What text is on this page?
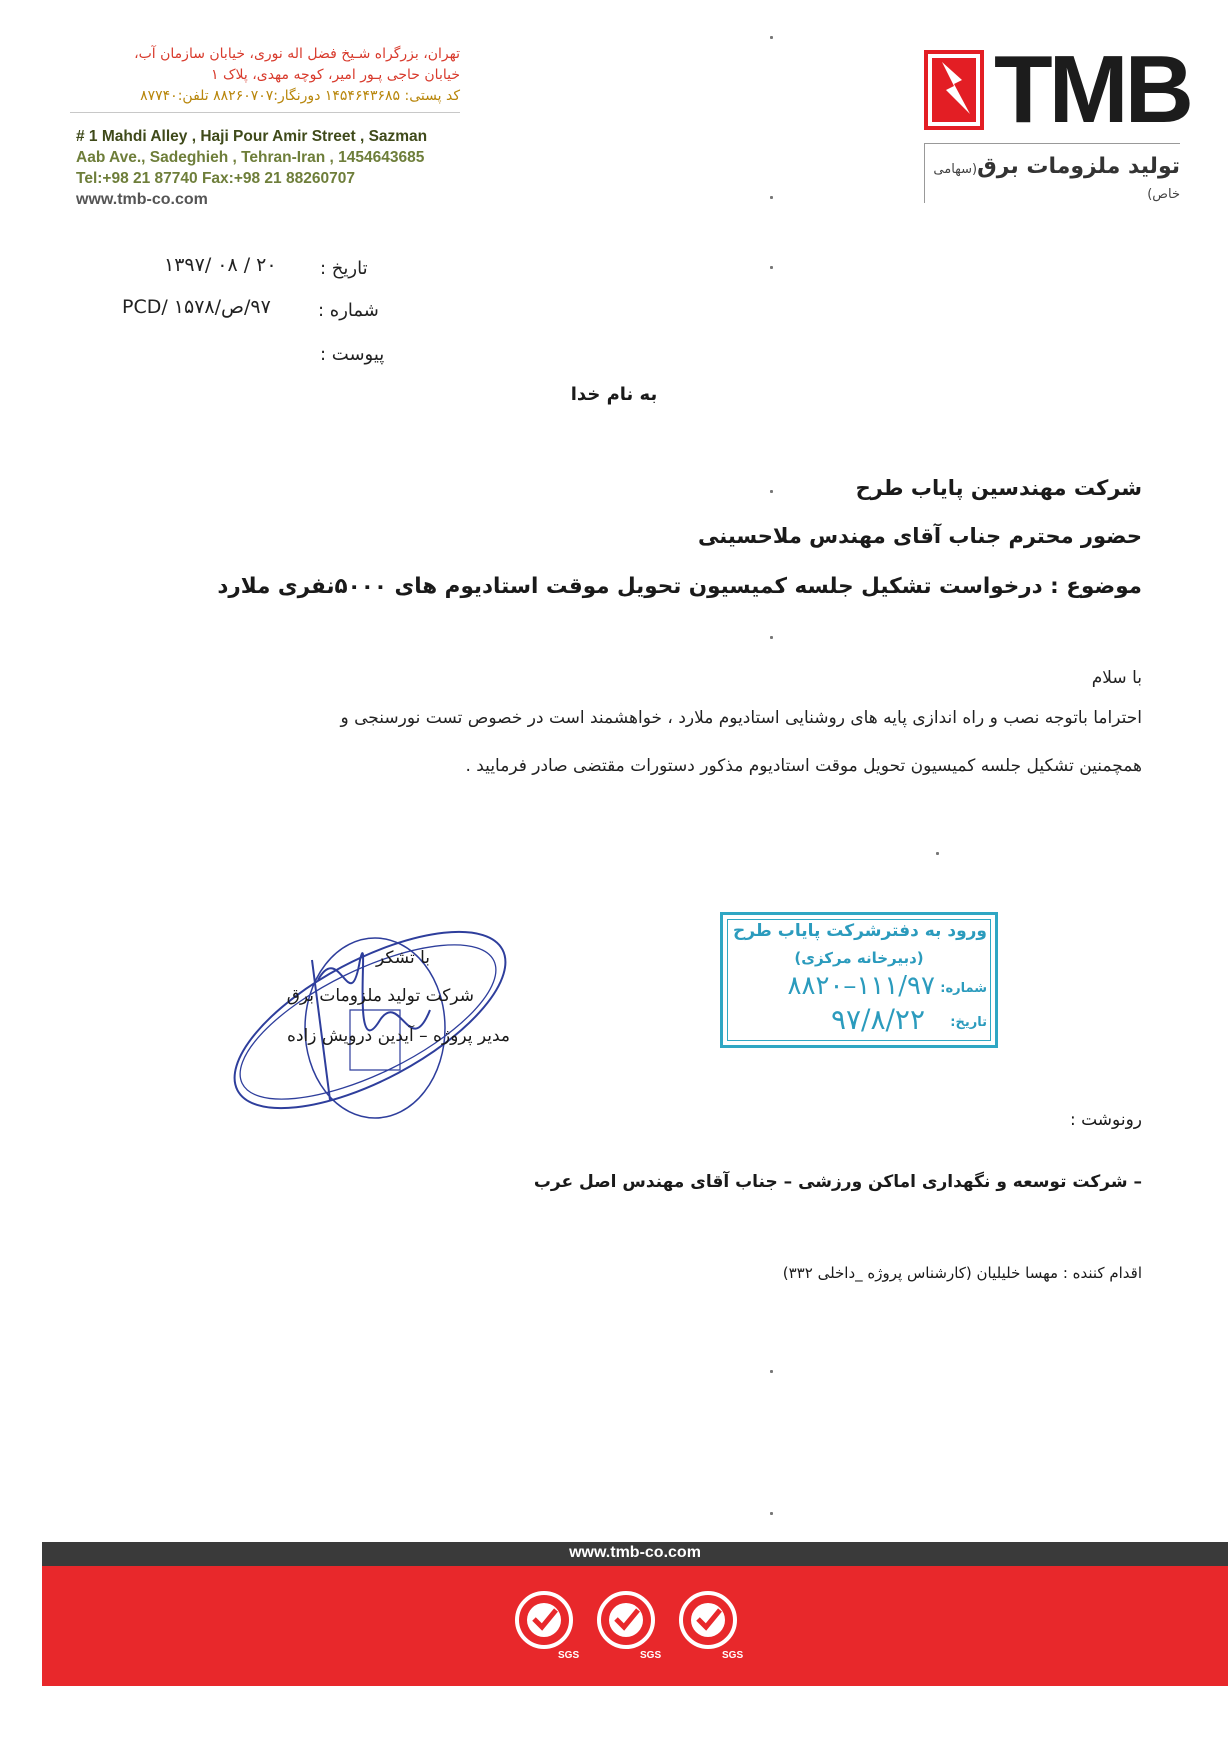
تهران، بزرگراه شـیخ فضل اله نوری، خیابان سازمان آب،
خیابان حاجی پـور امیر، کوچه مهدی، پلاک ۱
کد پستی: ۱۴۵۴۶۴۳۶۸۵ دورنگار:۸۸۲۶۰۷۰۷ تلفن:۸۷۷۴۰
# 1 Mahdi Alley , Haji Pour Amir Street , Sazman
Aab Ave., Sadeghieh , Tehran-Iran , 1454643685
Tel:+98 21 87740 Fax:+98 21 88260707
www.tmb-co.com
TMB
تولید ملزومات برق(سهامی خاص)
تاریخ :
۱۳۹۷/ ۰۸ / ۲۰
شماره :
۹۷/ص/PCD/ ۱۵۷۸
پیوست :
به نام خدا
شرکت مهندسین پایاب طرح
حضور محترم جناب آقای مهندس ملاحسینی
موضوع : درخواست تشکیل جلسه کمیسیون تحویل موقت استادیوم های ۵۰۰۰نفری ملارد
با سلام
احتراما باتوجه نصب و راه اندازی پایه های روشنایی استادیوم ملارد ، خواهشمند است در خصوص تست نورسنجی و
همچمنین تشکیل جلسه کمیسیون تحویل موقت استادیوم مذکور دستورات مقتضی صادر فرمایید .
با تشکر
شرکت تولید ملزومات برق
مدیر پروژه – آیدین درویش زاده
ورود به دفترشرکت پایاب طرح
(دبیرخانه مرکزی)
شماره:
۱۱۱/۹۷–۸۸۲۰
تاریخ:
۹۷/۸/۲۲
رونوشت :
– شرکت توسعه و نگهداری اماکن ورزشی – جناب آقای مهندس اصل عرب
اقدام کننده : مهسا خلیلیان (کارشناس پروژه _داخلی ۳۳۲)
www.tmb-co.com
SGS	SGS	SGS
